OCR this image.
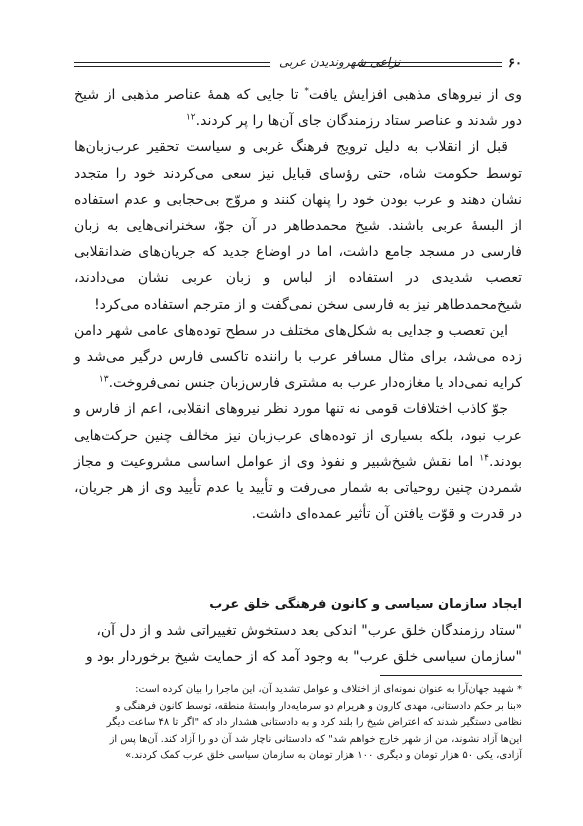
نزاعی شهروندیدن عربی	۶۰

وی از نیروهای مذهبی افزایش یافت* تا جایی که همهٔ عناصر مذهبی از شیخ دور شدند و عناصر ستاد رزمندگان جای آن‌ها را پر کردند.$^{۱۲}$

قبل از انقلاب به دلیل ترویج فرهنگ غربی و سیاست تحقیر عرب‌زبان‌ها توسط حکومت شاه، حتی رؤسای قبایل نیز سعی می‌کردند خود را متجدد نشان دهند و عرب بودن خود را پنهان کنند و مروّج بی‌حجابی و عدم استفاده از البسهٔ عربی باشند. شیخ محمدطاهر در آن جوّ، سخنرانی‌هایی به زبان فارسی در مسجد جامع داشت، اما در اوضاع جدید که جریان‌های ضدانقلابی تعصب شدیدی در استفاده از لباس و زبان عربی نشان می‌دادند، شیخ‌محمدطاهر نیز به فارسی سخن نمی‌گفت و از مترجم استفاده می‌کرد!

این تعصب و جدایی به شکل‌های مختلف در سطح توده‌های عامی شهر دامن زده می‌شد، برای مثال مسافر عرب با راننده تاکسی فارس درگیر می‌شد و کرایه نمی‌داد یا مغازه‌دار عرب به مشتری فارس‌زبان جنس نمی‌فروخت.$^{۱۳}$

جوّ کاذب اختلافات قومی نه تنها مورد نظر نیروهای انقلابی، اعم از فارس و عرب نبود، بلکه بسیاری از توده‌های عرب‌زبان نیز مخالف چنین حرکت‌هایی بودند.$^{۱۴}$ اما نقش شیخ‌شبیر و نفوذ وی از عوامل اساسی مشروعیت و مجاز شمردن چنین روحیاتی به شمار می‌رفت و تأیید یا عدم تأیید وی از هر جریان، در قدرت و قوّت یافتن آن تأثیر عمده‌ای داشت.

ایجاد سازمان سیاسی و کانون فرهنگی خلق عرب

"ستاد رزمندگان خلق عرب" اندکی بعد دستخوش تغییراتی شد و از دل آن،

"سازمان سیاسی خلق عرب" به وجود آمد که از حمایت شیخ برخوردار بود و

* شهید جهان‌آرا به عنوان نمونه‌ای از اختلاف و عوامل تشدید آن، این ماجرا را بیان کرده است:

«بنا بر حکم دادستانی، مهدی کارون و هریرام دو سرمایه‌دار وابستهٔ منطقه، توسط کانون فرهنگی و

نظامی دستگیر شدند که اعتراض شیخ را بلند کرد و به دادستانی هشدار داد که "اگر تا ۴۸ ساعت دیگر

این‌ها آزاد نشوند، من از شهر خارج خواهم شد" که دادستانی ناچار شد آن دو را آزاد کند. آن‌ها پس از

آزادی، یکی ۵۰ هزار تومان و دیگری ۱۰۰ هزار تومان به سازمان سیاسی خلق عرب کمک کردند.»
